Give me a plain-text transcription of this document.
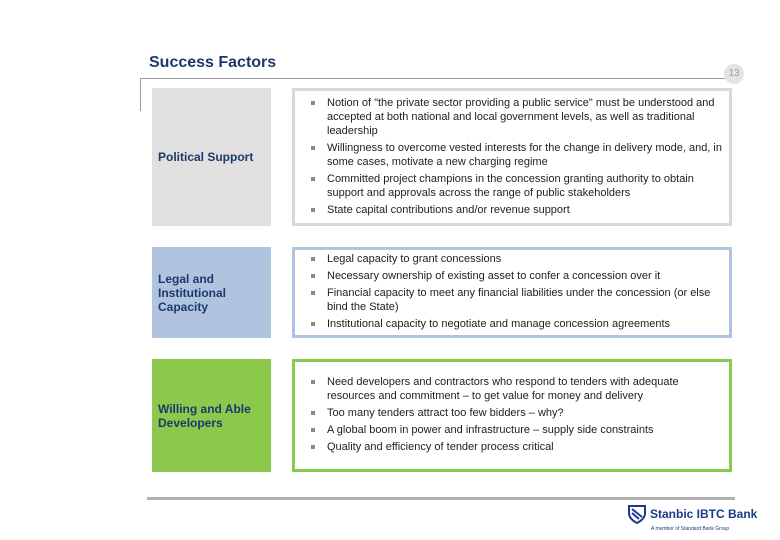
Success Factors
13
Political Support
Notion of "the private sector providing a public service" must be understood and accepted at both national and local government levels, as well as traditional leadership
Willingness to overcome vested interests for the change in delivery mode, and, in some cases, motivate a new charging regime
Committed project champions in the concession granting authority to obtain support and approvals across the range of public stakeholders
State capital contributions and/or revenue support
Legal and Institutional Capacity
Legal capacity to grant concessions
Necessary ownership of existing asset to confer a concession over it
Financial capacity to meet any financial liabilities under the concession (or else bind the State)
Institutional capacity to negotiate and manage concession agreements
Willing and Able Developers
Need developers and contractors who respond to tenders with adequate resources and commitment – to get value for money and delivery
Too many tenders attract too few bidders – why?
A global boom in power and infrastructure – supply side constraints
Quality and efficiency of tender process critical
Stanbic IBTC Bank
A member of Standard Bank Group
